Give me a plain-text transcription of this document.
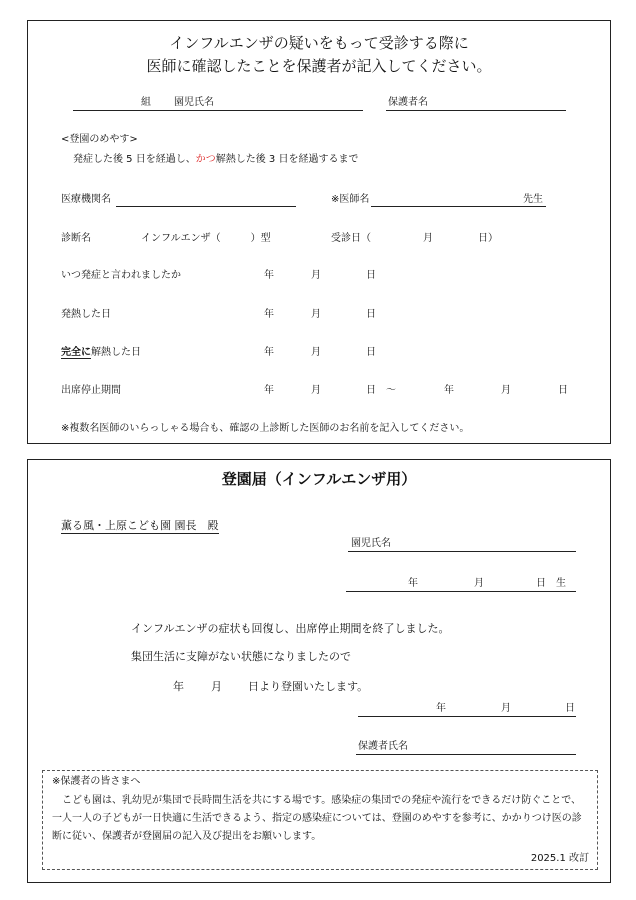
インフルエンザの疑いをもって受診する際に
医師に確認したことを保護者が記入してください。
組 園児氏名	保護者名
<登園のめやす>
発症した後 5 日を経過し、かつ解熱した後 3 日を経過するまで
医療機関名	※医師名	先生
診断名	インフルエンザ（　　　）型	受診日（	月	日）
いつ発症と言われましたか	年	月	日
発熱した日	年	月	日
完全に解熱した日	年	月	日
出席停止期間	年	月	日 ～	年	月	日
※複数名医師のいらっしゃる場合も、確認の上診断した医師のお名前を記入してください。
登園届（インフルエンザ用）
薫る風・上原こども園 園長　殿
園児氏名
年	月	日　生
インフルエンザの症状も回復し、出席停止期間を終了しました。
集団生活に支障がない状態になりましたので
年 月 日より登園いたします。
年	月	日
保護者氏名
※保護者の皆さまへ
　こども園は、乳幼児が集団で長時間生活を共にする場です。感染症の集団での発症や流行をできるだけ防ぐことで、一人一人の子どもが一日快適に生活できるよう、指定の感染症については、登園のめやすを参考に、かかりつけ医の診断に従い、保護者が登園届の記入及び提出をお願いします。
2025.1 改訂
